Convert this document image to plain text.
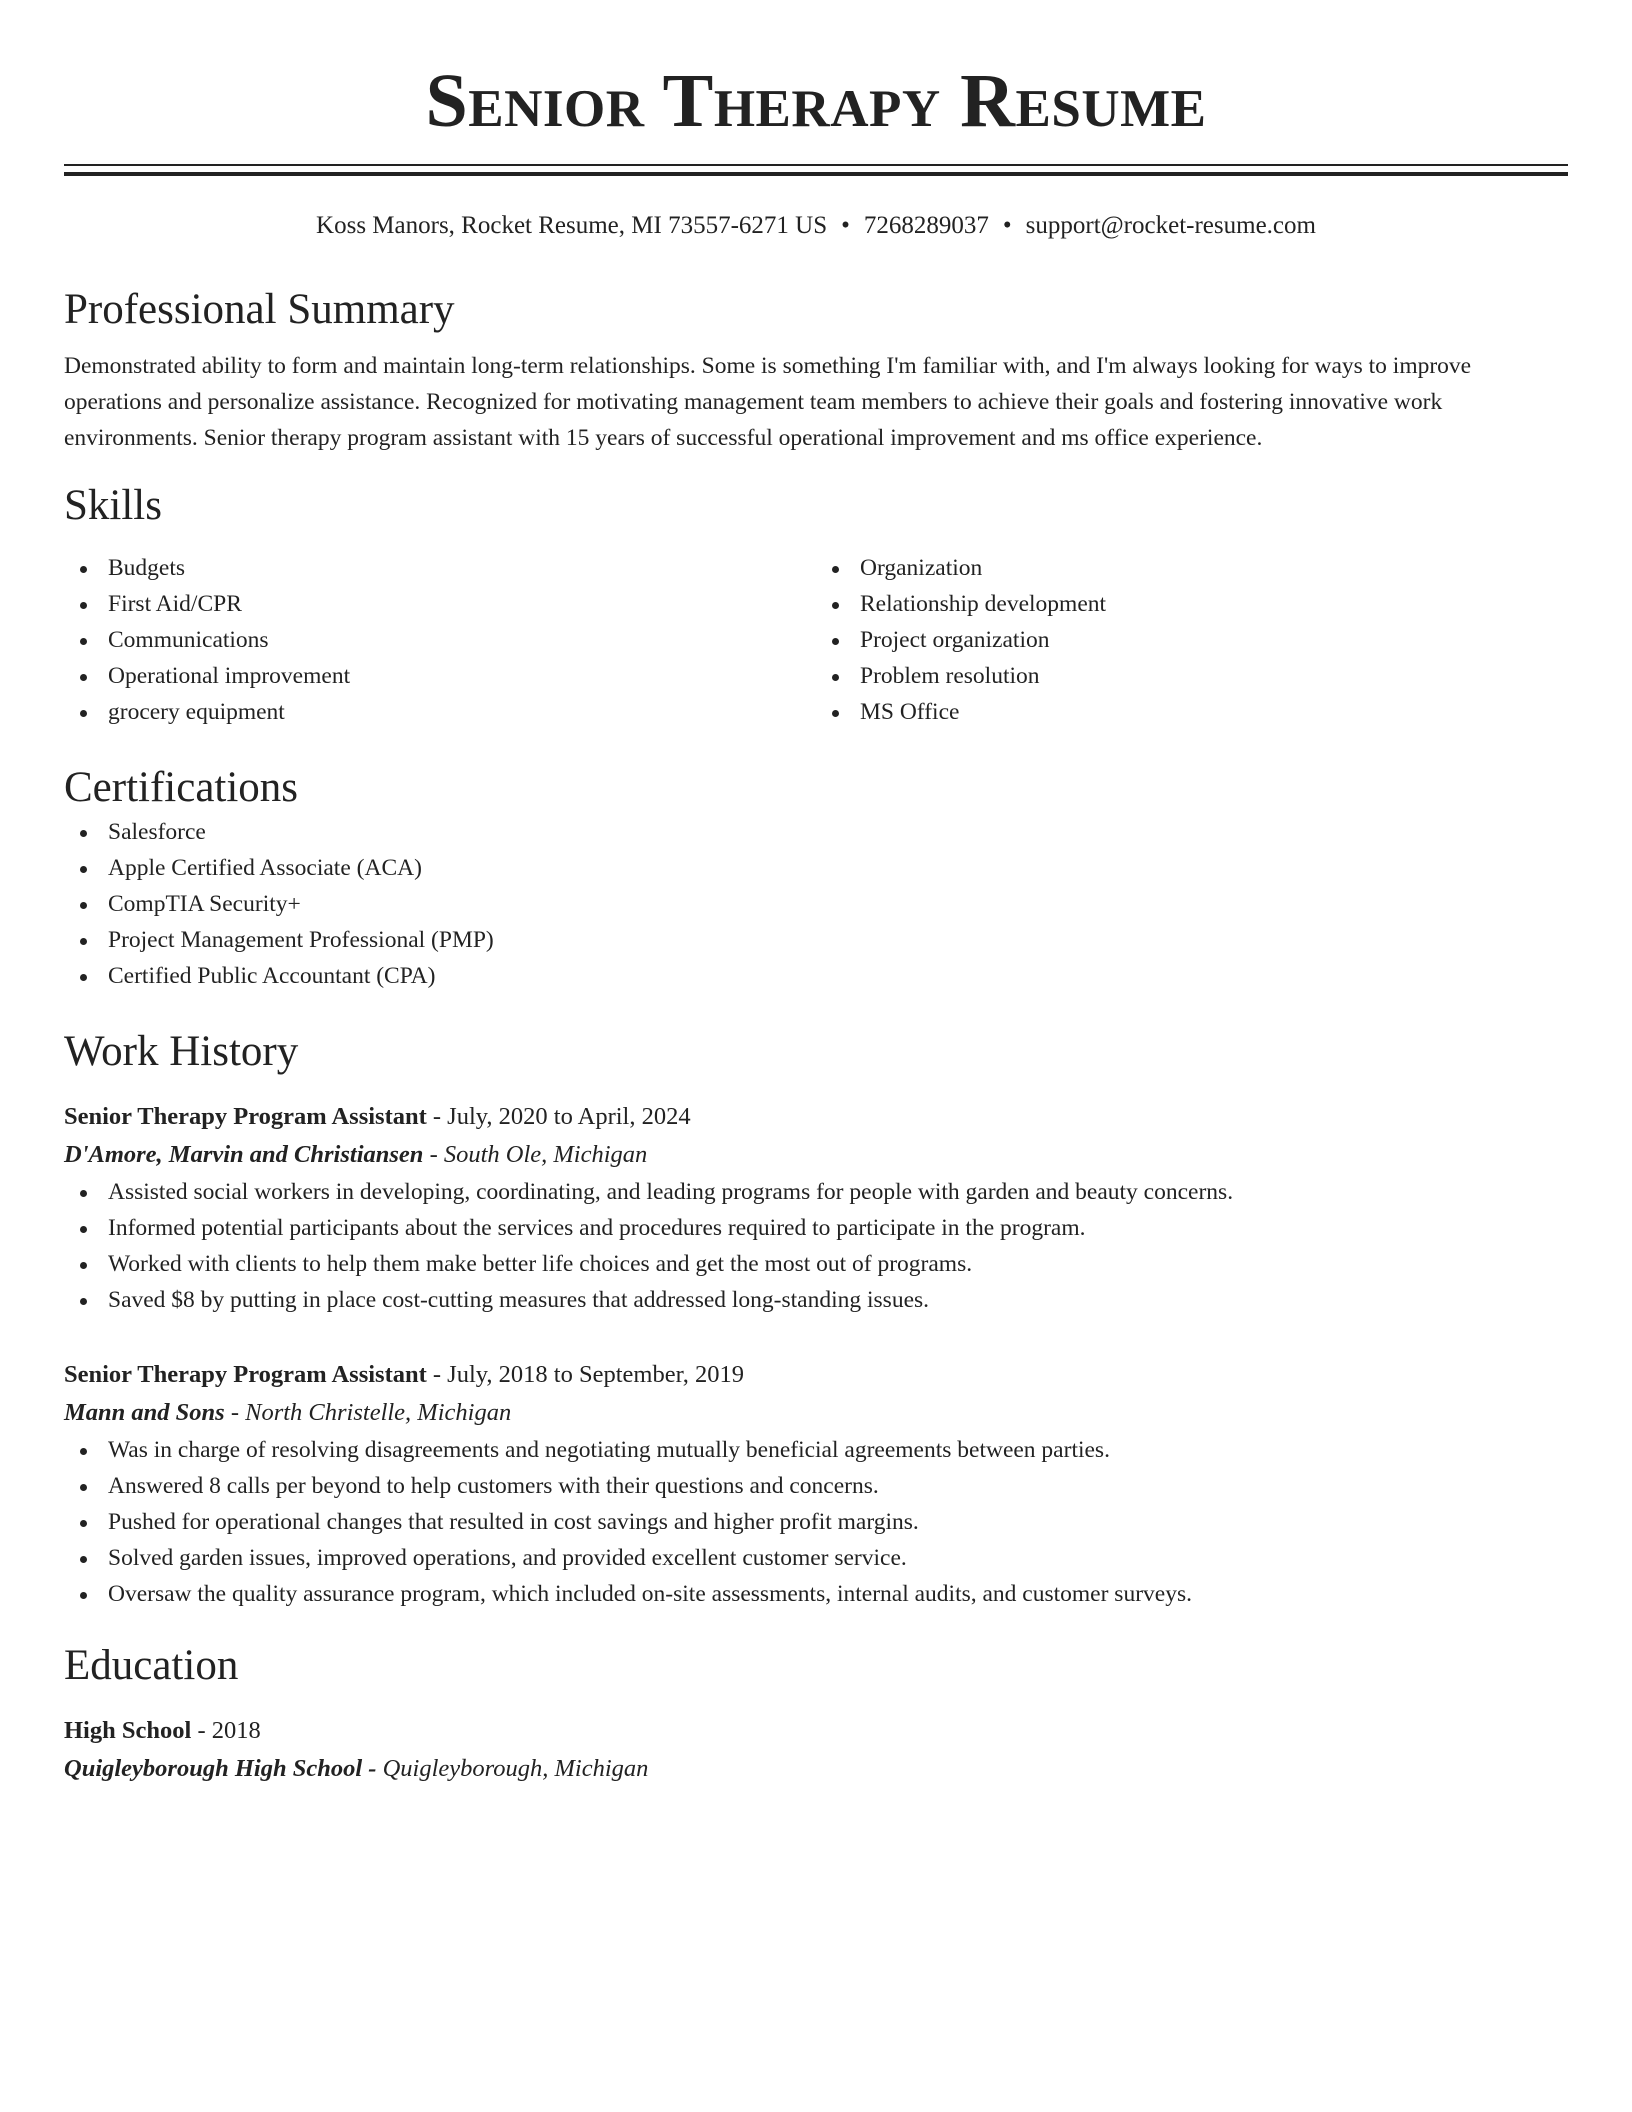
Senior Therapy Resume
Koss Manors, Rocket Resume, MI 73557-6271 US • 7268289037 • support@rocket-resume.com
Professional Summary
Demonstrated ability to form and maintain long-term relationships. Some is something I'm familiar with, and I'm always looking for ways to improve operations and personalize assistance. Recognized for motivating management team members to achieve their goals and fostering innovative work environments. Senior therapy program assistant with 15 years of successful operational improvement and ms office experience.
Skills
Budgets
First Aid/CPR
Communications
Operational improvement
grocery equipment
Organization
Relationship development
Project organization
Problem resolution
MS Office
Certifications
Salesforce
Apple Certified Associate (ACA)
CompTIA Security+
Project Management Professional (PMP)
Certified Public Accountant (CPA)
Work History
Senior Therapy Program Assistant - July, 2020 to April, 2024
D'Amore, Marvin and Christiansen - South Ole, Michigan
Assisted social workers in developing, coordinating, and leading programs for people with garden and beauty concerns.
Informed potential participants about the services and procedures required to participate in the program.
Worked with clients to help them make better life choices and get the most out of programs.
Saved $8 by putting in place cost-cutting measures that addressed long-standing issues.
Senior Therapy Program Assistant - July, 2018 to September, 2019
Mann and Sons - North Christelle, Michigan
Was in charge of resolving disagreements and negotiating mutually beneficial agreements between parties.
Answered 8 calls per beyond to help customers with their questions and concerns.
Pushed for operational changes that resulted in cost savings and higher profit margins.
Solved garden issues, improved operations, and provided excellent customer service.
Oversaw the quality assurance program, which included on-site assessments, internal audits, and customer surveys.
Education
High School - 2018
Quigleyborough High School - Quigleyborough, Michigan
